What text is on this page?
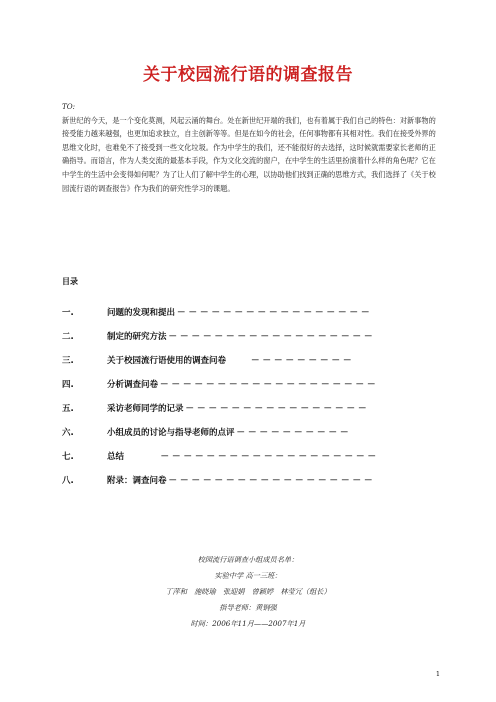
关于校园流行语的调查报告
TO:
新世纪的今天，是一个变化莫测，风起云涌的舞台。处在新世纪开端的我们，也有着属于我们自己的特色：对新事物的接受能力越来越强，也更加追求独立，自主创新等等。但是在如今的社会，任何事物都有其相对性。我们在接受外界的思维文化时，也难免不了接受到一些文化垃圾。作为中学生的我们，还不能很好的去选择，这时候就需要家长老师的正确指导。而语言，作为人类交流的最基本手段，作为文化交流的窗户，在中学生的生活里扮演着什么样的角色呢？它在中学生的生活中会变得如何呢？为了让人们了解中学生的心理，以协助他们找到正确的思维方式，我们选择了《关于校园流行语的调查报告》作为我们的研究性学习的课题。
目录
一.	问题的发现和提出 －－－－－－－－－－－－－－－－－
二.	制定的研究方法 －－－－－－－－－－－－－－－－－－
三.	关于校园流行语使用的调查问卷 　　－－－－－－－－－
四.	分析调查问卷 －－－－－－－－－－－－－－－－－－－
五.	采访老师同学的记录 －－－－－－－－－－－－－－－－
六.	小组成员的讨论与指导老师的点评 －－－－－－－－－－
七.	总结 　　　－－－－－－－－－－－－－－－－－－－
八.	附录：调查问卷 －－－－－－－－－－－－－－－－－－
校园流行语调查小组成员名单：
实验中学 高一三班：
丁萍和　施晓瑜　张迎娟　曾颖婷　林莹冗（组长）
指导老师：黄钢强
时间：2006年11月——2007年1月
1
